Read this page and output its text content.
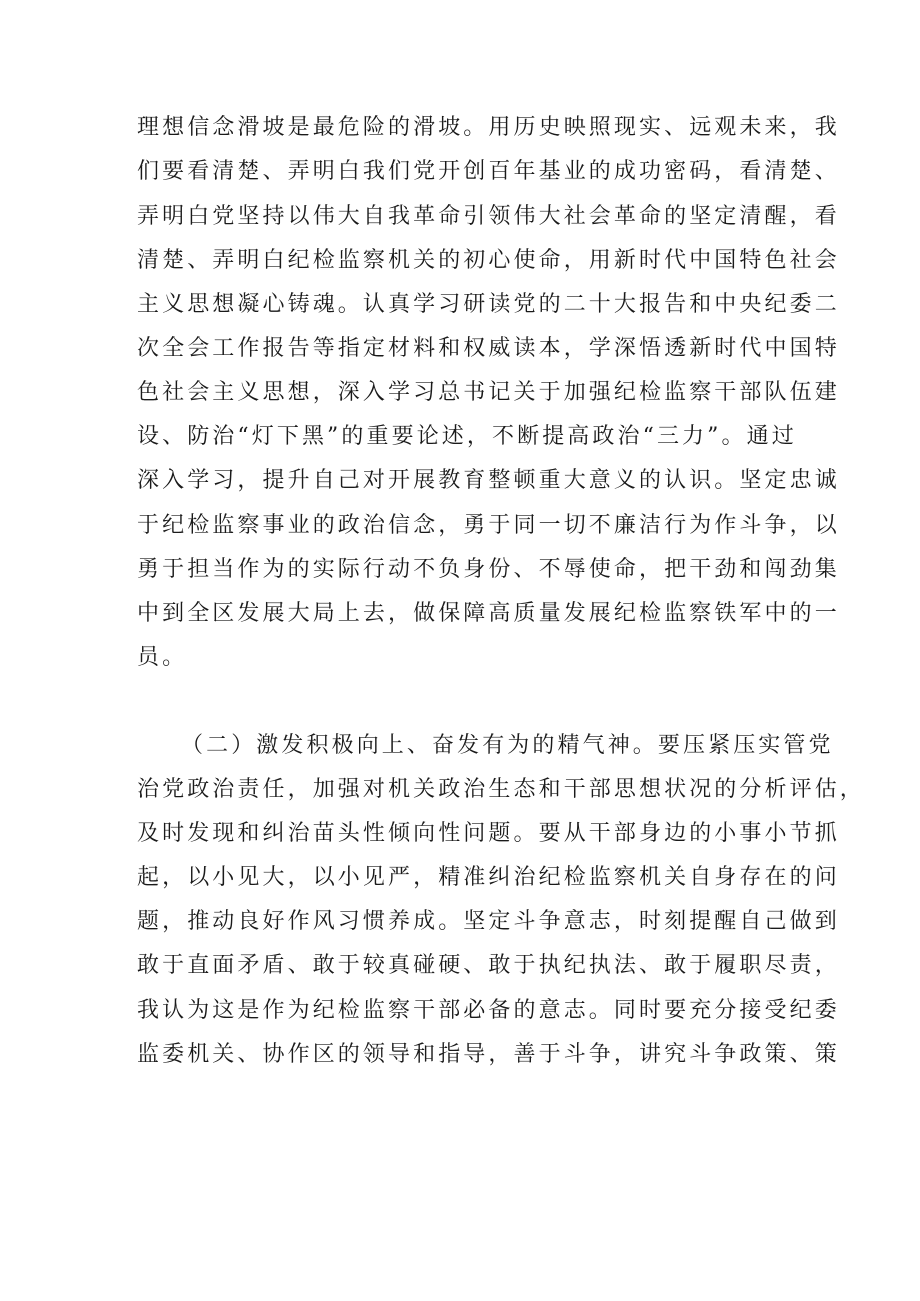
理想信念滑坡是最危险的滑坡。用历史映照现实、远观未来，我
们要看清楚、弄明白我们党开创百年基业的成功密码，看清楚、
弄明白党坚持以伟大自我革命引领伟大社会革命的坚定清醒，看
清楚、弄明白纪检监察机关的初心使命，用新时代中国特色社会
主义思想凝心铸魂。认真学习研读党的二十大报告和中央纪委二
次全会工作报告等指定材料和权威读本，学深悟透新时代中国特
色社会主义思想，深入学习总书记关于加强纪检监察干部队伍建
设、防治“灯下黑”的重要论述，不断提高政治“三力”。通过
深入学习，提升自己对开展教育整顿重大意义的认识。坚定忠诚
于纪检监察事业的政治信念，勇于同一切不廉洁行为作斗争，以
勇于担当作为的实际行动不负身份、不辱使命，把干劲和闯劲集
中到全区发展大局上去，做保障高质量发展纪检监察铁军中的一
员。
（二）激发积极向上、奋发有为的精气神。要压紧压实管党
治党政治责任，加强对机关政治生态和干部思想状况的分析评估，
及时发现和纠治苗头性倾向性问题。要从干部身边的小事小节抓
起，以小见大，以小见严，精准纠治纪检监察机关自身存在的问
题，推动良好作风习惯养成。坚定斗争意志，时刻提醒自己做到
敢于直面矛盾、敢于较真碰硬、敢于执纪执法、敢于履职尽责，
我认为这是作为纪检监察干部必备的意志。同时要充分接受纪委
监委机关、协作区的领导和指导，善于斗争，讲究斗争政策、策
